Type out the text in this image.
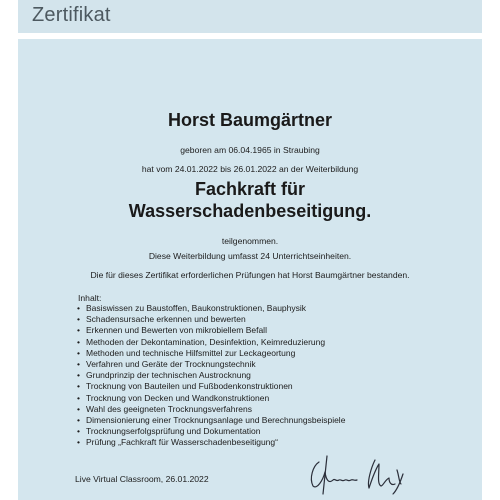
Zertifikat
Horst Baumgärtner
geboren am 06.04.1965 in Straubing
hat vom 24.01.2022 bis 26.01.2022 an der Weiterbildung
Fachkraft für
Wasserschadenbeseitigung.
teilgenommen.
Diese Weiterbildung umfasst 24 Unterrichtseinheiten.
Die für dieses Zertifikat erforderlichen Prüfungen hat Horst Baumgärtner bestanden.
Inhalt:
• Basiswissen zu Baustoffen, Baukonstruktionen, Bauphysik
• Schadensursache erkennen und bewerten
• Erkennen und Bewerten von mikrobiellem Befall
• Methoden der Dekontamination, Desinfektion, Keimreduzierung
• Methoden und technische Hilfsmittel zur Leckageortung
• Verfahren und Geräte der Trocknungstechnik
• Grundprinzip der technischen Austrocknung
• Trocknung von Bauteilen und Fußbodenkonstruktionen
• Trocknung von Decken und Wandkonstruktionen
• Wahl des geeigneten Trocknungsverfahrens
• Dimensionierung einer Trocknungsanlage und Berechnungsbeispiele
• Trocknungserfolgsprüfung und Dokumentation
• Prüfung „Fachkraft für Wasserschadenbeseitigung“
Live Virtual Classroom, 26.01.2022
